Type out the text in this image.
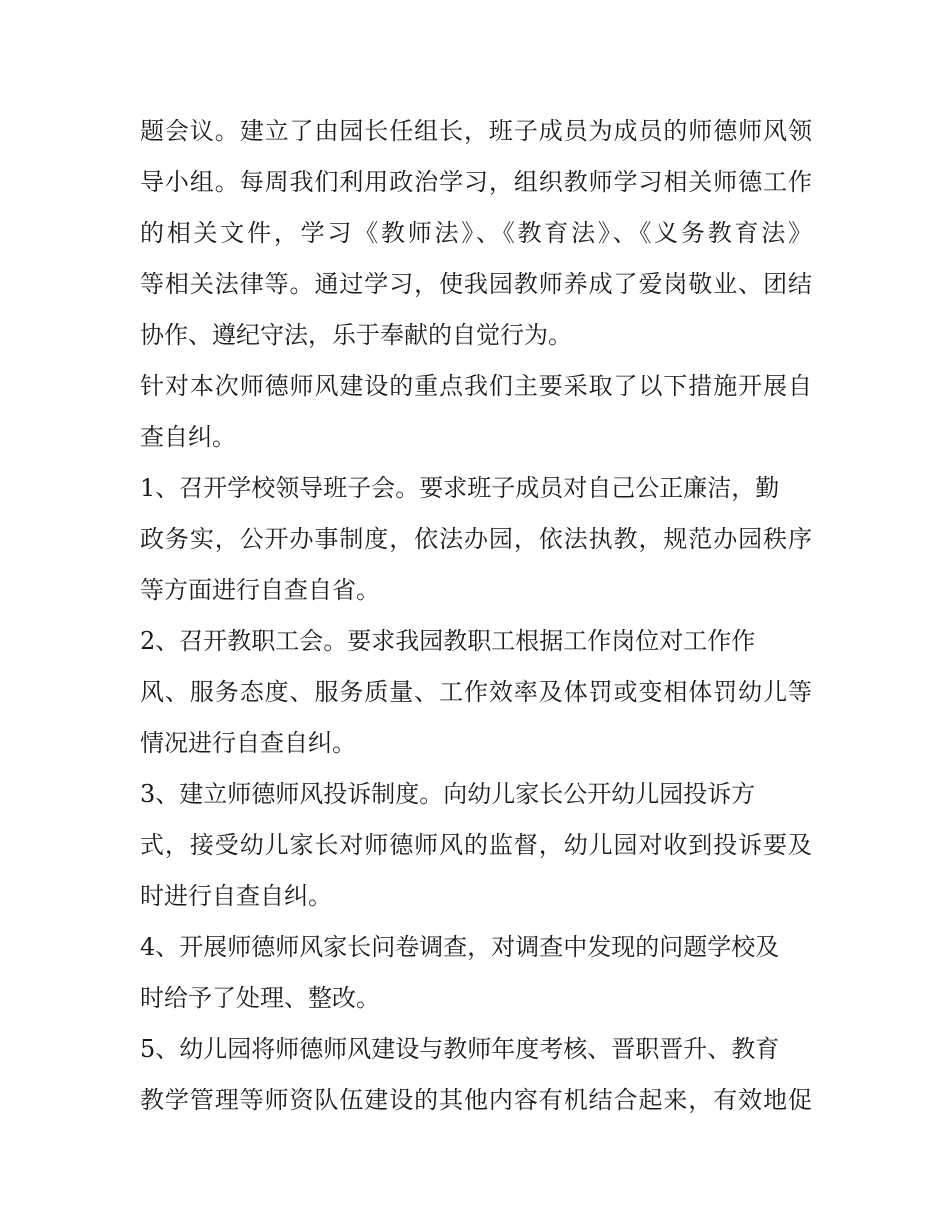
题会议。建立了由园长任组长，班子成员为成员的师德师风领
导小组。每周我们利用政治学习，组织教师学习相关师德工作
的相关文件，学习《教师法》、《教育法》、《义务教育法》
等相关法律等。通过学习，使我园教师养成了爱岗敬业、团结
协作、遵纪守法，乐于奉献的自觉行为。
针对本次师德师风建设的重点我们主要采取了以下措施开展自
查自纠。
1、召开学校领导班子会。要求班子成员对自己公正廉洁，勤
政务实，公开办事制度，依法办园，依法执教，规范办园秩序
等方面进行自查自省。
2、召开教职工会。要求我园教职工根据工作岗位对工作作
风、服务态度、服务质量、工作效率及体罚或变相体罚幼儿等
情况进行自查自纠。
3、建立师德师风投诉制度。向幼儿家长公开幼儿园投诉方
式，接受幼儿家长对师德师风的监督，幼儿园对收到投诉要及
时进行自查自纠。
4、开展师德师风家长问卷调查，对调查中发现的问题学校及
时给予了处理、整改。
5、幼儿园将师德师风建设与教师年度考核、晋职晋升、教育
教学管理等师资队伍建设的其他内容有机结合起来，有效地促
